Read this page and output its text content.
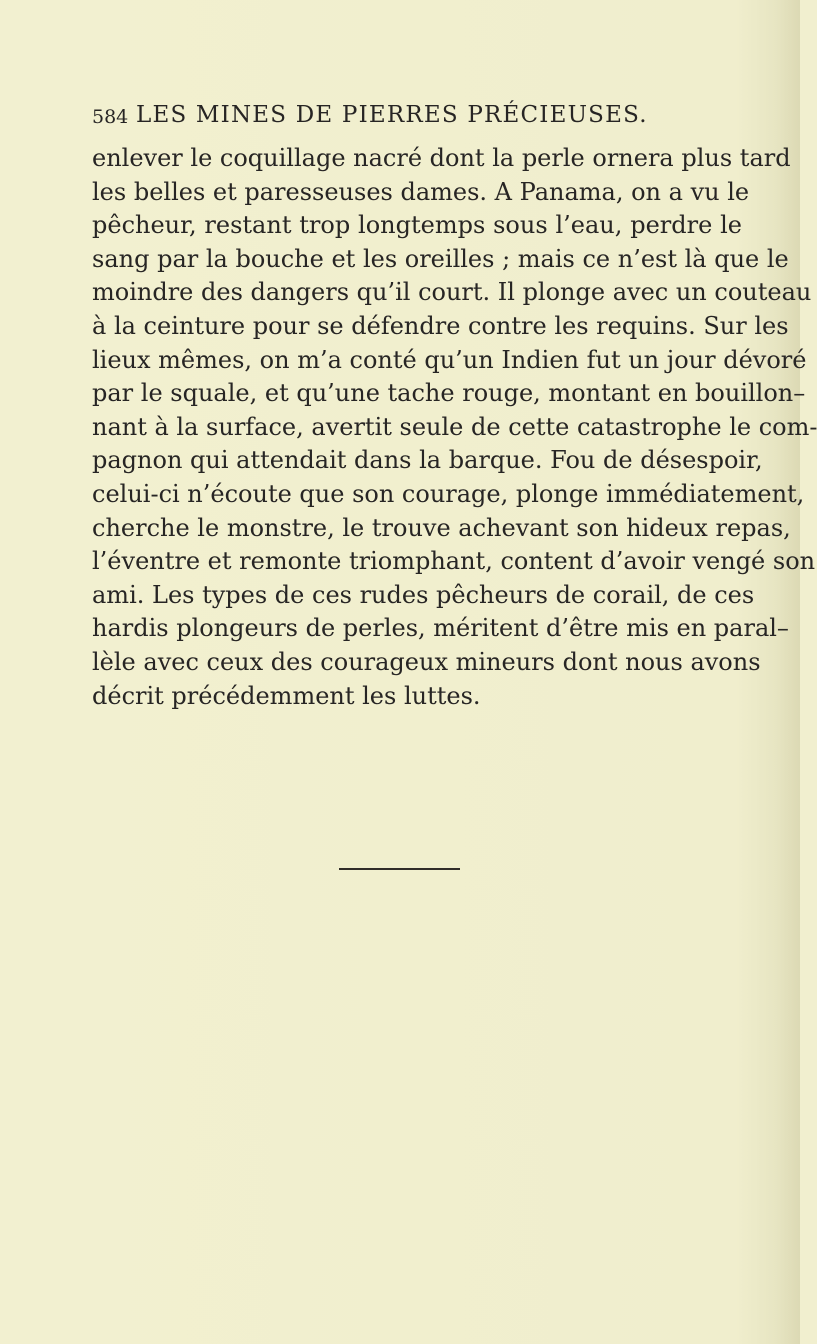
584 LES MINES DE PIERRES PRÉCIEUSES.
enlever le coquillage nacré dont la perle ornera plus tard
les belles et paresseuses dames. A Panama, on a vu le
pêcheur, restant trop longtemps sous l’eau, perdre le
sang par la bouche et les oreilles ; mais ce n’est là que le
moindre des dangers qu’il court. Il plonge avec un couteau
à la ceinture pour se défendre contre les requins. Sur les
lieux mêmes, on m’a conté qu’un Indien fut un jour dévoré
par le squale, et qu’une tache rouge, montant en bouillon–
nant à la surface, avertit seule de cette catastrophe le com-
pagnon qui attendait dans la barque. Fou de désespoir,
celui-ci n’écoute que son courage, plonge immédiatement,
cherche le monstre, le trouve achevant son hideux repas,
l’éventre et remonte triomphant, content d’avoir vengé son
ami. Les types de ces rudes pêcheurs de corail, de ces
hardis plongeurs de perles, méritent d’être mis en paral–
lèle avec ceux des courageux mineurs dont nous avons
décrit précédemment les luttes.
